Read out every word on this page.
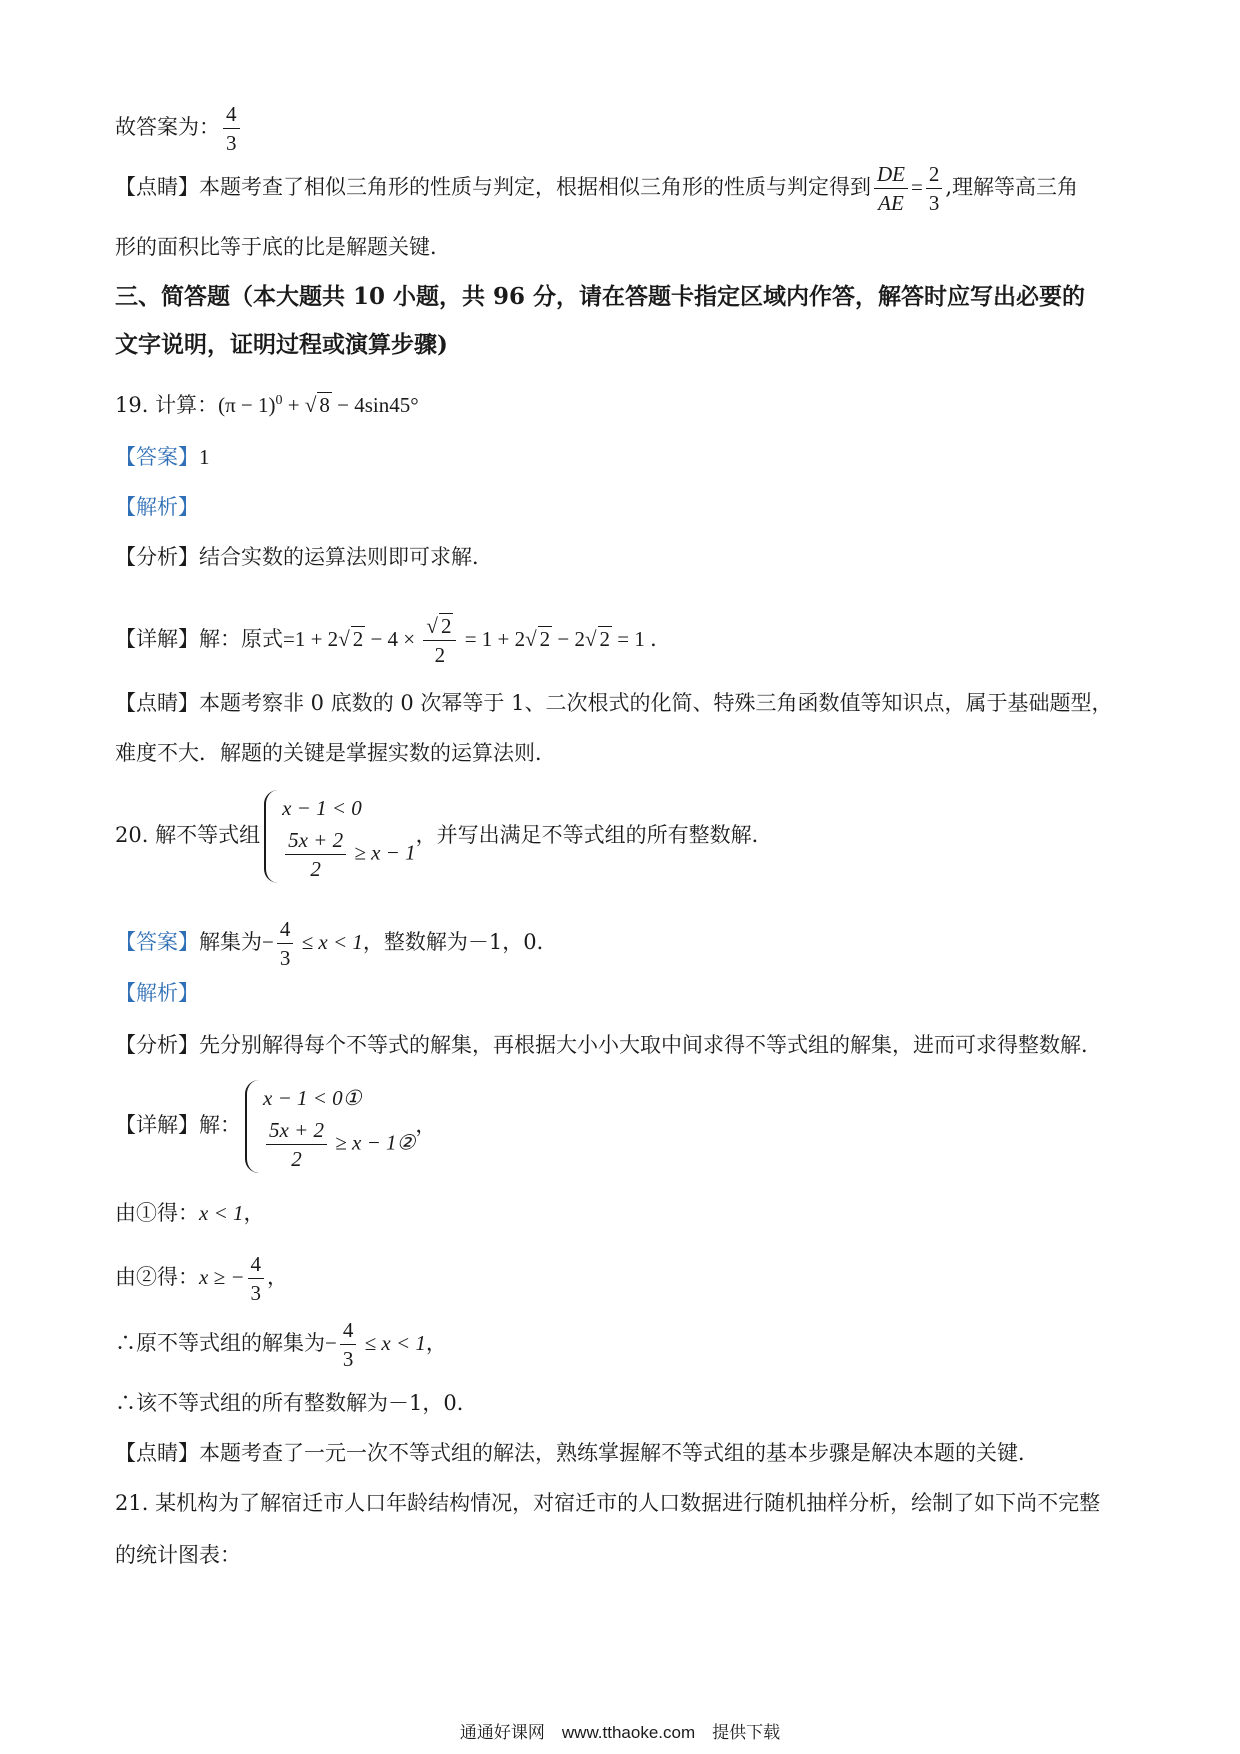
故答案为： $\frac{4}{3}$
【点睛】本题考查了相似三角形的性质与判定，根据相似三角形的性质与判定得到 $\frac{DE}{AE} = \frac{2}{3}$ ,理解等高三角
形的面积比等于底的比是解题关键．
三、简答题（本大题共 10 小题，共 96 分，请在答题卡指定区域内作答，解答时应写出必要的
文字说明，证明过程或演算步骤)
19. 计算：$(\pi - 1)^0$ + √ 8 − 4sin45°
【答案】1
【解析】
【分析】结合实数的运算法则即可求解．
【详解】解：原式=1 + 2√ $2 - 4 \times \frac{√ 2}{2} = 1 + 2√$ 2 − 2√ 2 = 1 ．
【点睛】本题考察非 0 底数的 0 次幂等于 1、二次根式的化简、特殊三角函数值等知识点，属于基础题型，
难度不大．解题的关键是掌握实数的运算法则．
20. 解不等式组
x − 1 < 0
$\frac{5x + 2}{2} \ge x - 1$
，并写出满足不等式组的所有整数解．
【答案】解集为− $\frac{4}{3} \le x < 1$，整数解为－1，0．
【解析】
【分析】先分别解得每个不等式的解集，再根据大小小大取中间求得不等式组的解集，进而可求得整数解．
【详解】解：
x − 1 < 0①
$\frac{5x + 2}{2} \ge x$ − 1②
，
由①得：x < 1，
由②得：x ≥ − $\frac{4}{3}$ ，
∴原不等式组的解集为− $\frac{4}{3} \le x < 1$，
∴该不等式组的所有整数解为－1，0．
【点睛】本题考查了一元一次不等式组的解法，熟练掌握解不等式组的基本步骤是解决本题的关键．
21. 某机构为了解宿迁市人口年龄结构情况，对宿迁市的人口数据进行随机抽样分析，绘制了如下尚不完整
的统计图表：
通通好课网　www.tthaoke.com　提供下载
